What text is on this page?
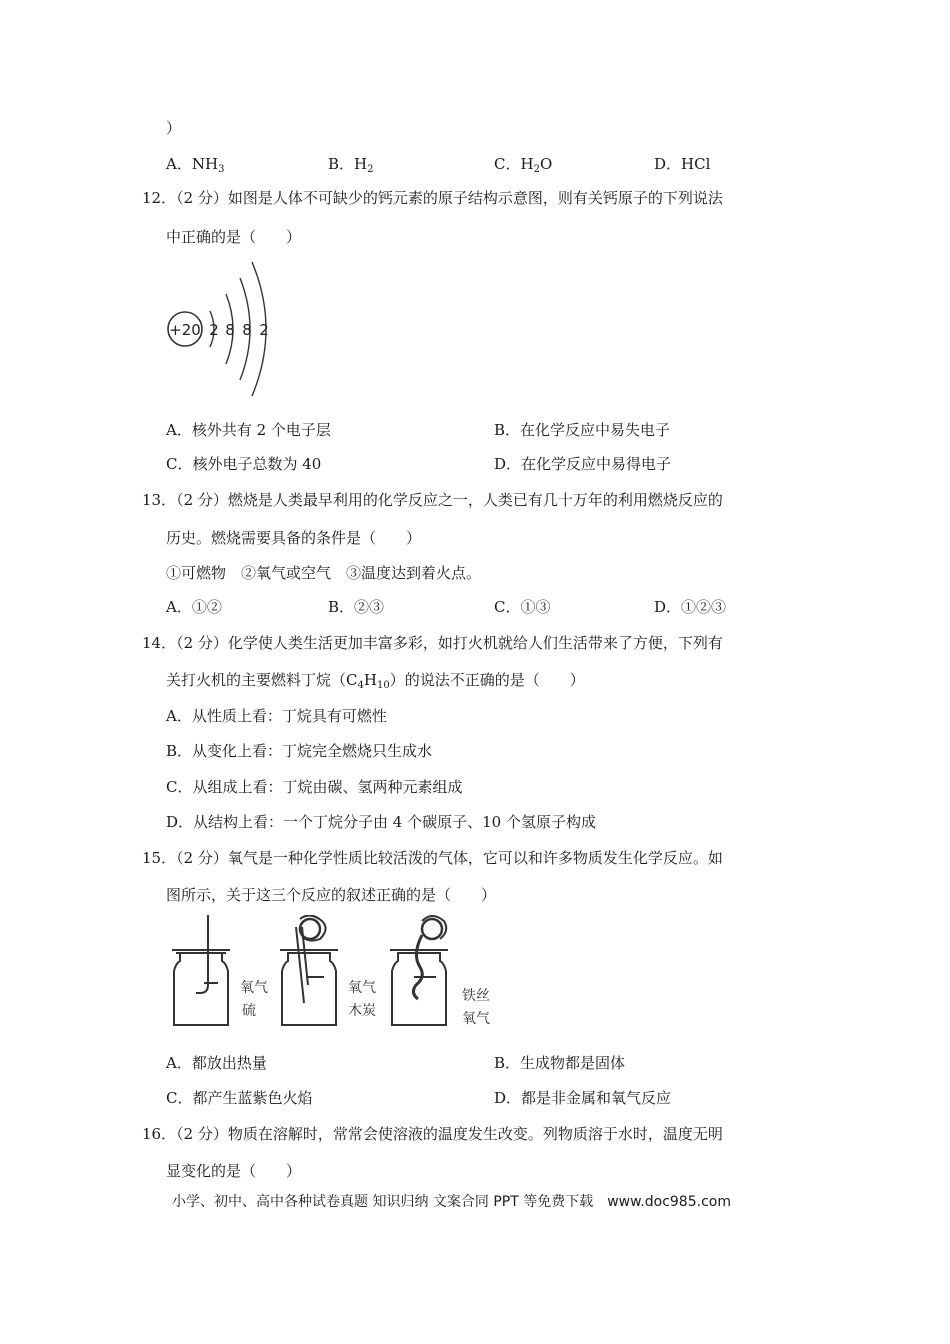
）
A．$NH_3$	B．$H_2$	C．$H_2O$	D．HCl
12．（2 分）如图是人体不可缺少的钙元素的原子结构示意图，则有关钙原子的下列说法
中正确的是（　　）
+20 2 8 8 2
A．核外共有 2 个电子层	B．在化学反应中易失电子
C．核外电子总数为 40	D．在化学反应中易得电子
13．（2 分）燃烧是人类最早利用的化学反应之一，人类已有几十万年的利用燃烧反应的
历史。燃烧需要具备的条件是（　　）
①可燃物　②氧气或空气　③温度达到着火点。
A．①②	B．②③	C．①③	D．①②③
14．（2 分）化学使人类生活更加丰富多彩，如打火机就给人们生活带来了方便，下列有
关打火机的主要燃料丁烷$(C_4H_{10})$的说法不正确的是（　　）
A．从性质上看：丁烷具有可燃性
B．从变化上看：丁烷完全燃烧只生成水
C．从组成上看：丁烷由碳、氢两种元素组成
D．从结构上看：一个丁烷分子由 4 个碳原子、10 个氢原子构成
15．（2 分）氧气是一种化学性质比较活泼的气体，它可以和许多物质发生化学反应。如
图所示，关于这三个反应的叙述正确的是（　　）
氧气
硫
氧气
木炭
铁丝
氧气
A．都放出热量	B．生成物都是固体
C．都产生蓝紫色火焰	D．都是非金属和氧气反应
16．（2 分）物质在溶解时，常常会使溶液的温度发生改变。列物质溶于水时，温度无明
显变化的是（　　）
小学、初中、高中各种试卷真题 知识归纳 文案合同 PPT 等免费下载　www.doc985.com
